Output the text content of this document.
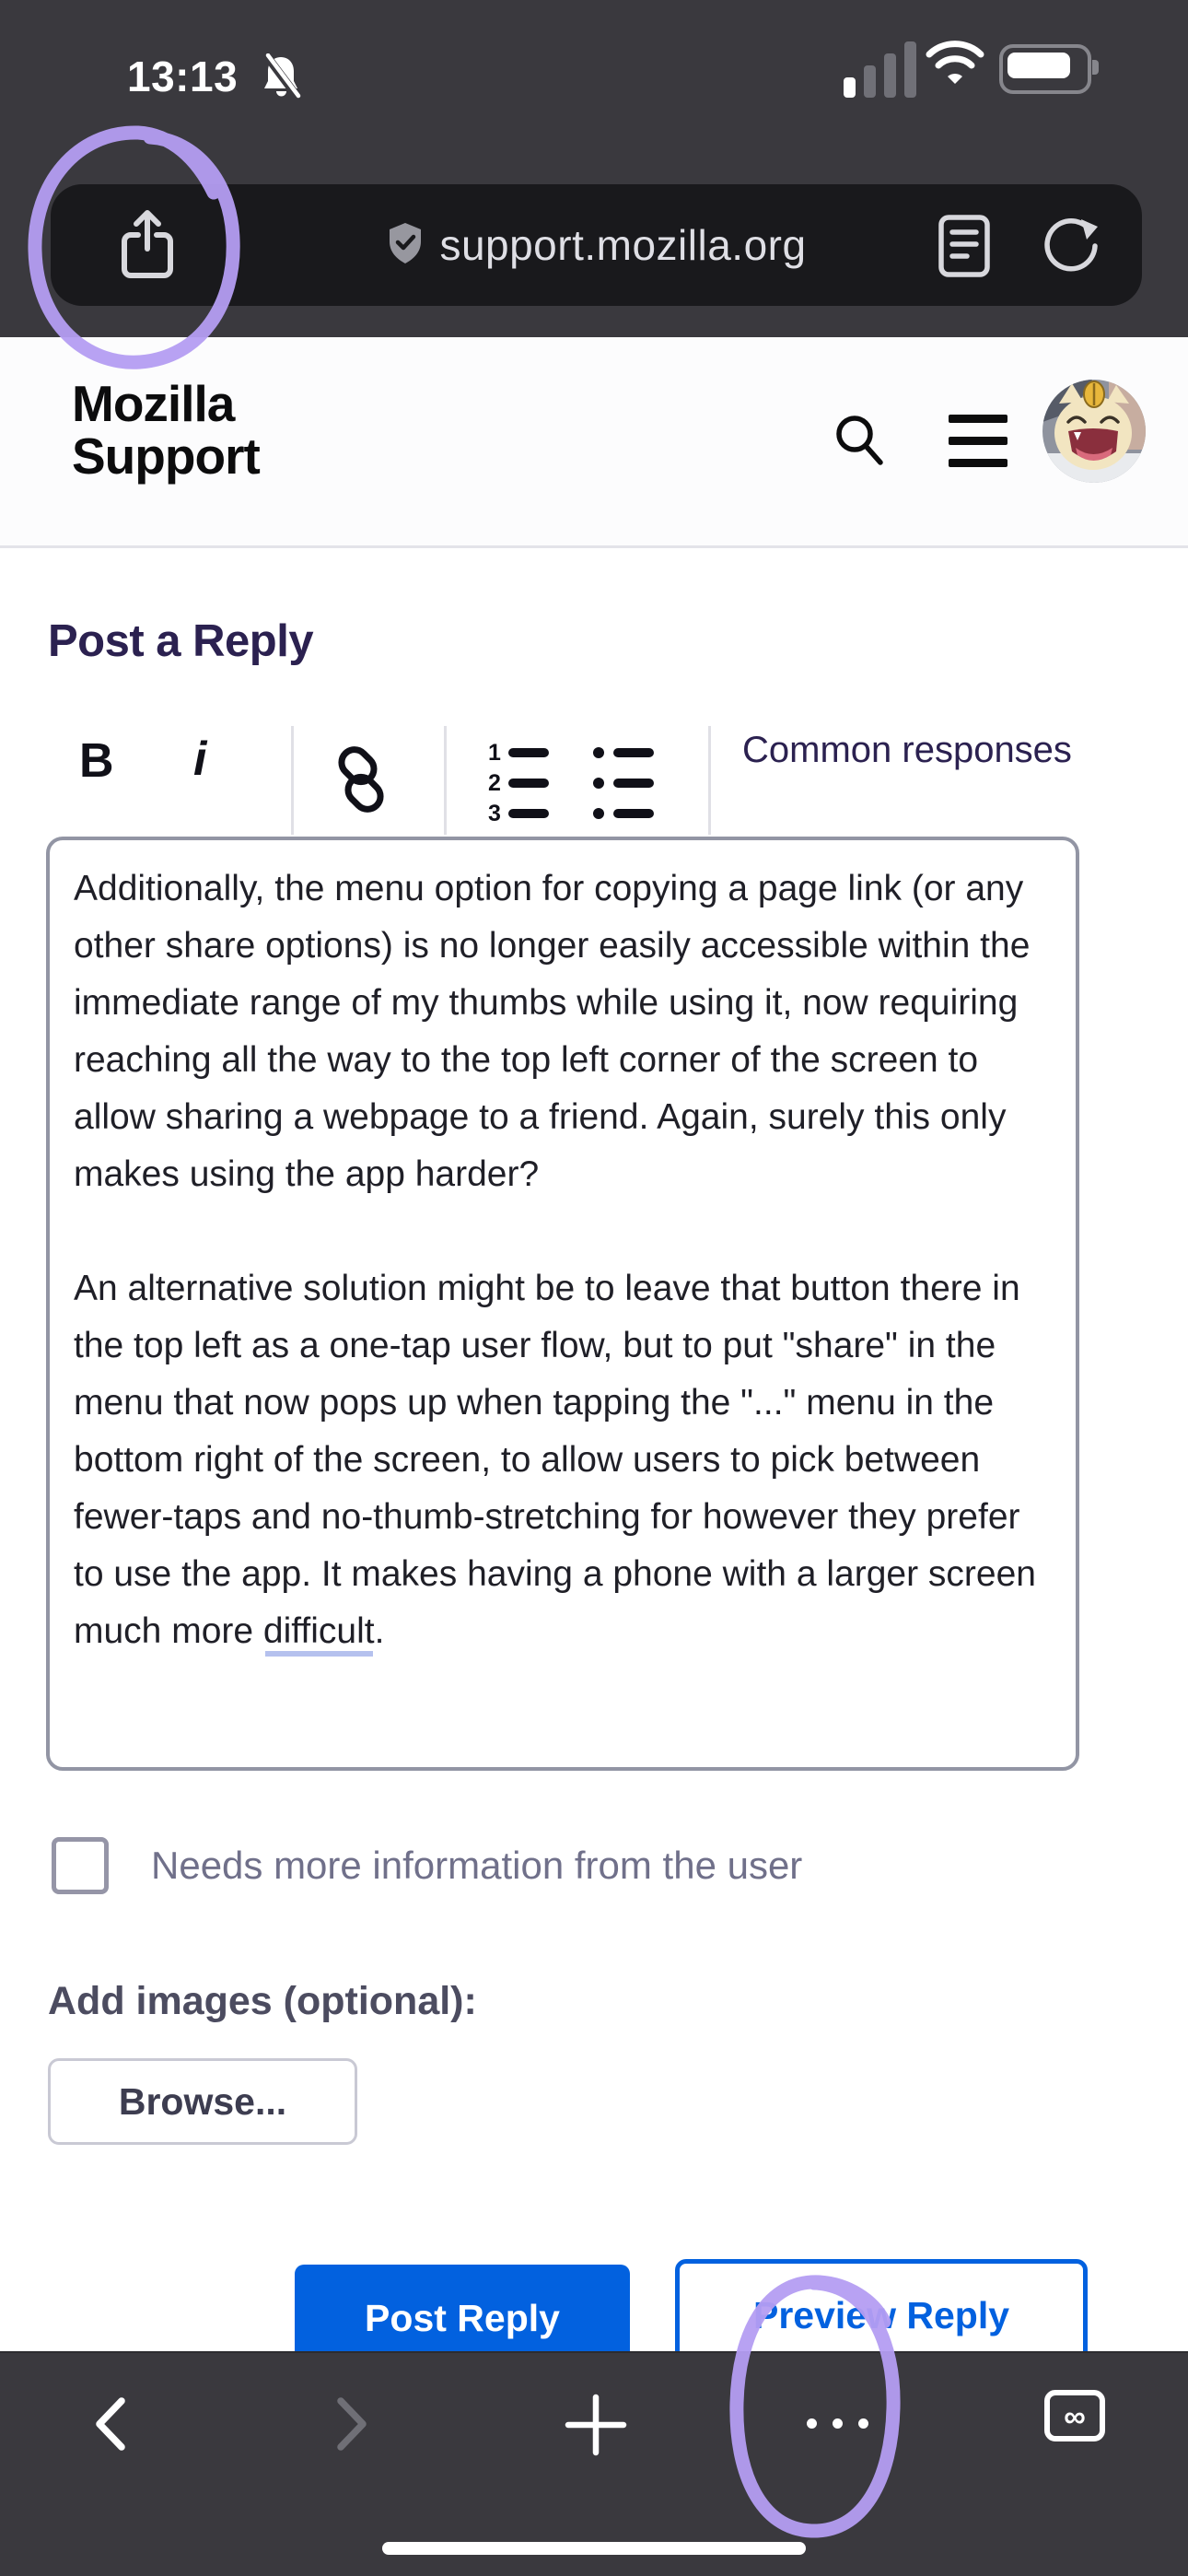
13:13
support.mozilla.org
Mozilla
Support
Post a Reply
B i	1
2
3
Common responses

Additionally, the menu option for copying a page link (or any other share options) is no longer easily accessible within the immediate range of my thumbs while using it, now requiring reaching all the way to the top left corner of the screen to allow sharing a webpage to a friend. Again, surely this only makes using the app harder?

An alternative solution might be to leave that button there in the top left as a one-tap user flow, but to put "share" in the menu that now pops up when tapping the "..." menu in the bottom right of the screen, to allow users to pick between fewer-taps and no-thumb-stretching for however they prefer to use the app. It makes having a phone with a larger screen much more difficult.

Needs more information from the user
Add images (optional):
Browse...
Post Reply	Preview Reply
∞
